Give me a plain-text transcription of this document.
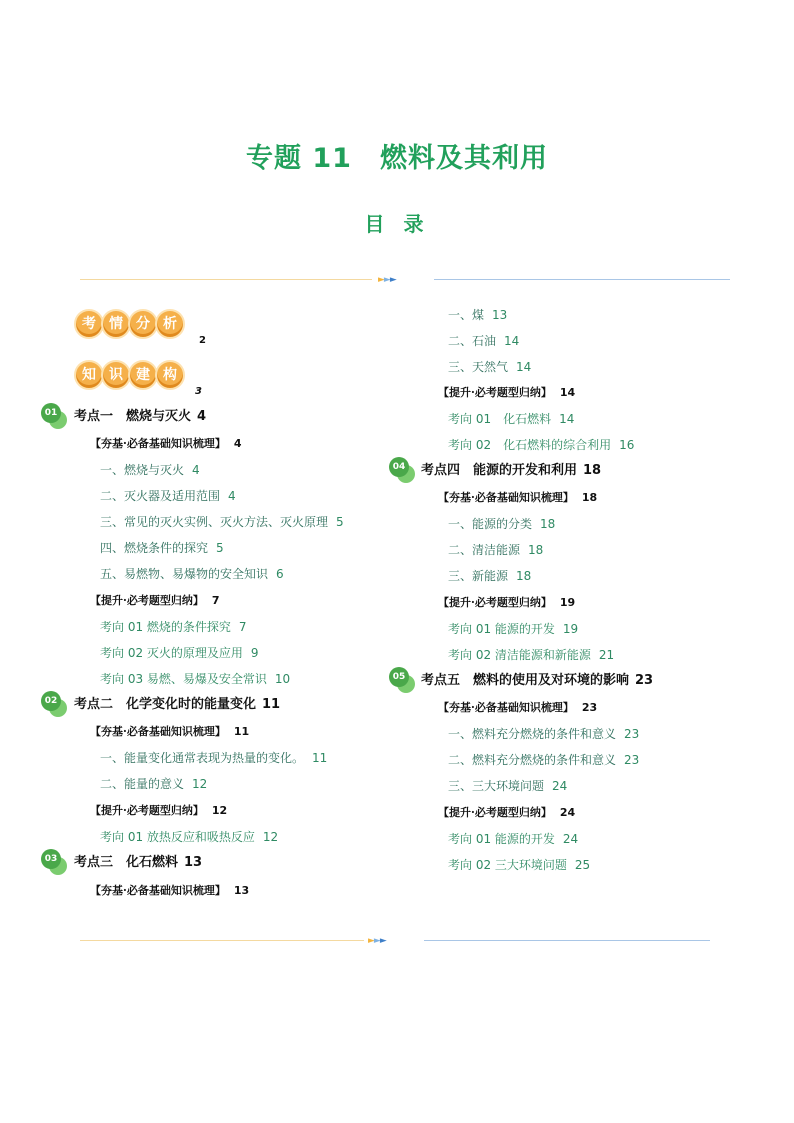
专题 11　燃料及其利用
目 录
►►►
考 情 分 析
2
知 识 建 构
3
01 考点一　燃烧与灭火 4
【夯基·必备基础知识梳理】 4
一、燃烧与灭火 4
二、灭火器及适用范围 4
三、常见的灭火实例、灭火方法、灭火原理 5
四、燃烧条件的探究 5
五、易燃物、易爆物的安全知识 6
【提升·必考题型归纳】 7
考向 01 燃烧的条件探究 7
考向 02 灭火的原理及应用 9
考向 03 易燃、易爆及安全常识 10
02 考点二　化学变化时的能量变化 11
【夯基·必备基础知识梳理】 11
一、能量变化通常表现为热量的变化。 11
二、能量的意义 12
【提升·必考题型归纳】 12
考向 01 放热反应和吸热反应 12
03 考点三　化石燃料 13
【夯基·必备基础知识梳理】 13
一、煤 13
二、石油 14
三、天然气 14
【提升·必考题型归纳】 14
考向 01　化石燃料 14
考向 02　化石燃料的综合利用 16
04 考点四　能源的开发和利用 18
【夯基·必备基础知识梳理】 18
一、能源的分类 18
二、清洁能源 18
三、新能源 18
【提升·必考题型归纳】 19
考向 01 能源的开发 19
考向 02 清洁能源和新能源 21
05 考点五　燃料的使用及对环境的影响 23
【夯基·必备基础知识梳理】 23
一、燃料充分燃烧的条件和意义 23
二、燃料充分燃烧的条件和意义 23
三、三大环境问题 24
【提升·必考题型归纳】 24
考向 01 能源的开发 24
考向 02 三大环境问题 25
►►►
